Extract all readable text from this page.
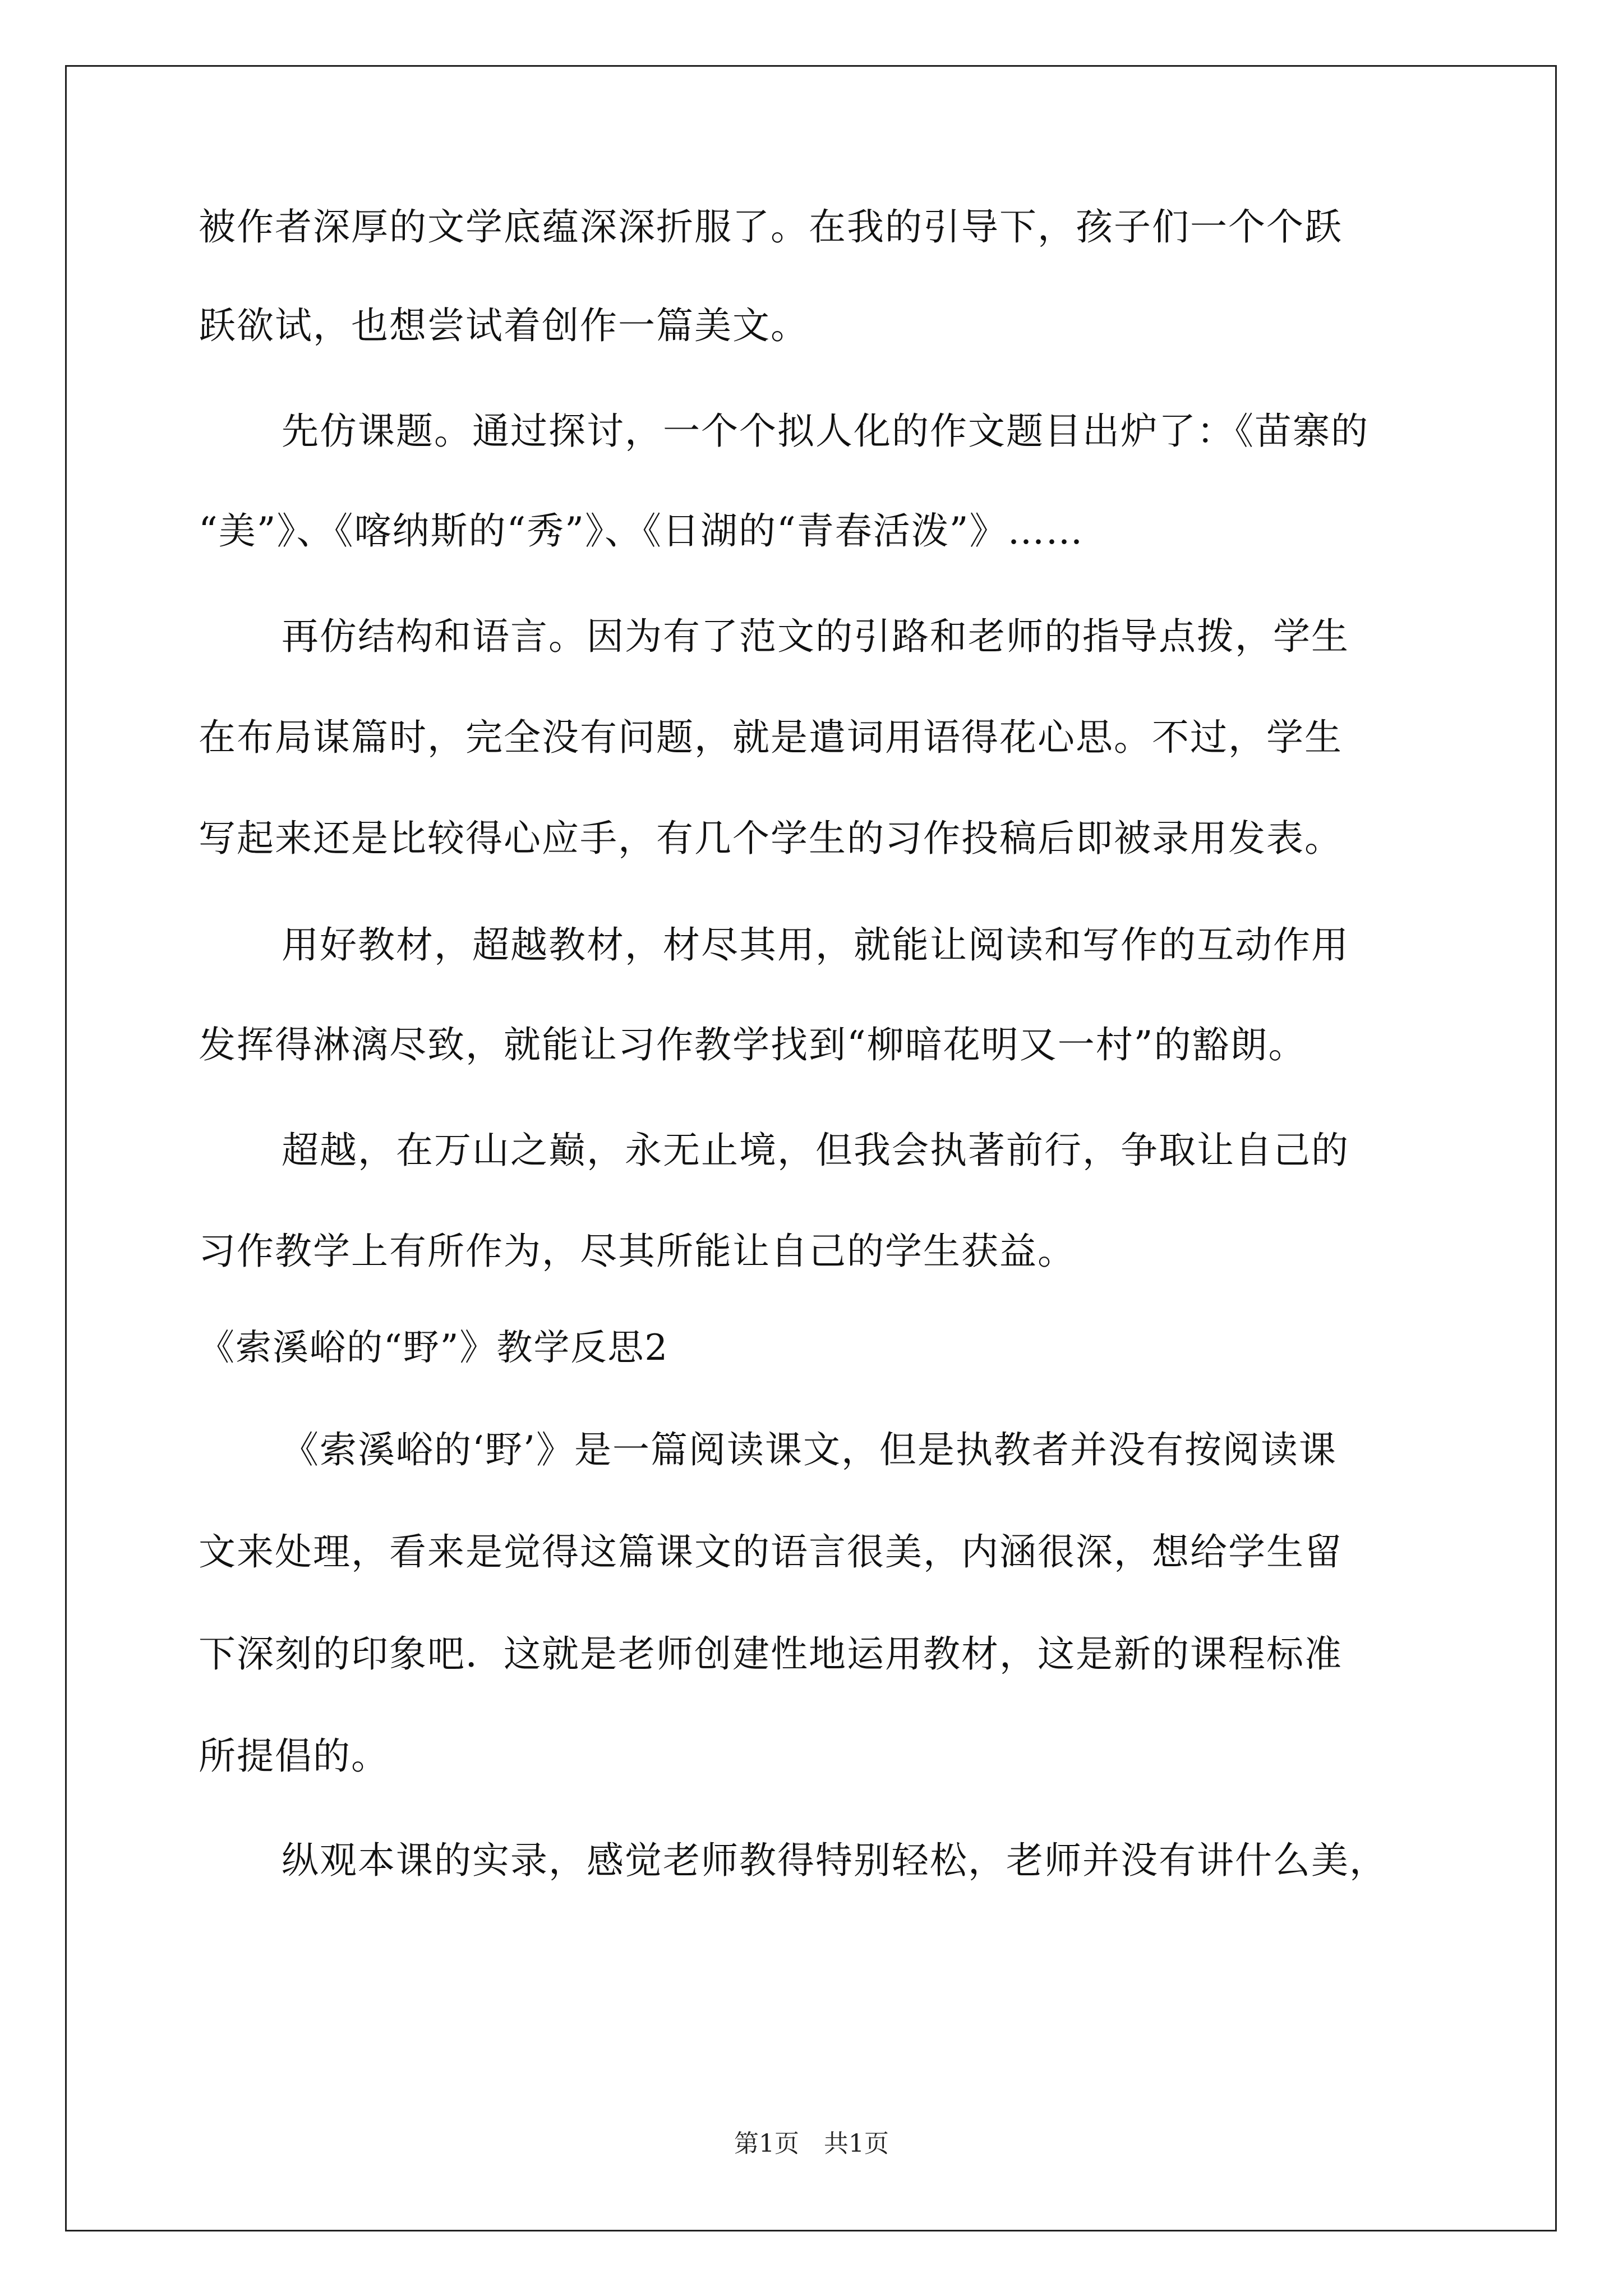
被作者深厚的文学底蕴深深折服了。在我的引导下，孩子们一个个跃
跃欲试，也想尝试着创作一篇美文。
先仿课题。通过探讨，一个个拟人化的作文题目出炉了：《苗寨的
“美”》、《喀纳斯的“秀”》、《日湖的“青春活泼”》……
再仿结构和语言。因为有了范文的引路和老师的指导点拨，学生
在布局谋篇时，完全没有问题，就是遣词用语得花心思。不过，学生
写起来还是比较得心应手，有几个学生的习作投稿后即被录用发表。
用好教材，超越教材，材尽其用，就能让阅读和写作的互动作用
发挥得淋漓尽致，就能让习作教学找到“柳暗花明又一村”的豁朗。
超越，在万山之巅，永无止境，但我会执著前行，争取让自己的
习作教学上有所作为，尽其所能让自己的学生获益。
《索溪峪的“野”》教学反思2
《索溪峪的‘野’》是一篇阅读课文，但是执教者并没有按阅读课
文来处理，看来是觉得这篇课文的语言很美，内涵很深，想给学生留
下深刻的印象吧．这就是老师创建性地运用教材，这是新的课程标准
所提倡的。
纵观本课的实录，感觉老师教得特别轻松，老师并没有讲什么美，
第1页　共1页
